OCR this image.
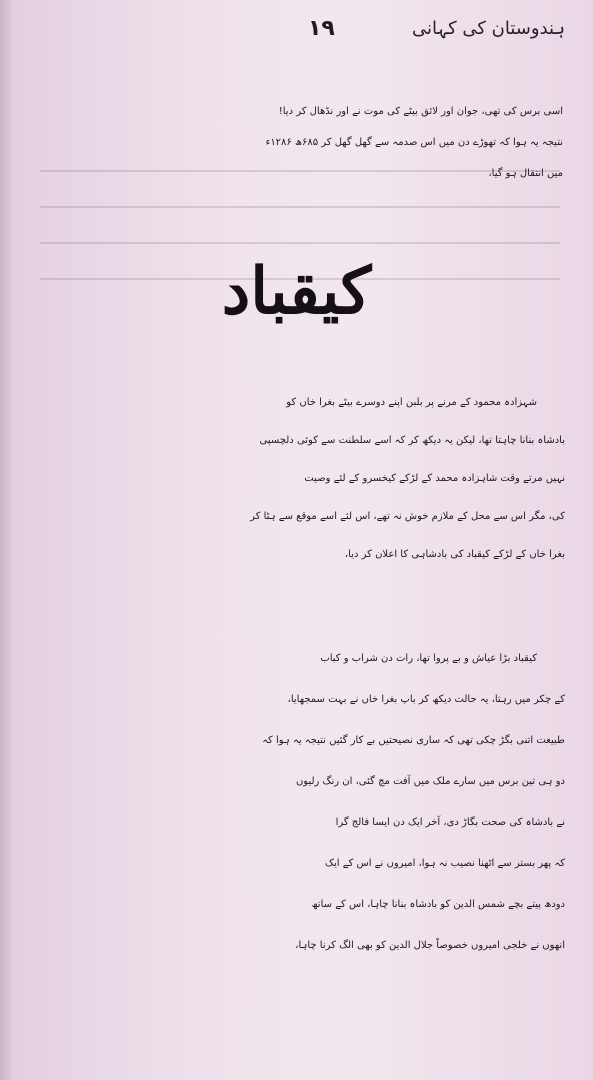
١٩	ہندوستان کی کہانی
اسی برس کی تھی، جوان اور لائق بیٹے کی موت نے اور نڈھال کر دیا!
نتیجہ یہ ہوا کہ تھوڑے دن میں اس صدمہ سے گھل گھل کر ۶۸۵ھ ۱۲۸۶ء
میں انتقال ہو گیا،
کیقباد
شہزادہ محمود کے مرنے پر بلبن اپنے دوسرے بیٹے بغرا خاں کو
بادشاہ بنانا چاہتا تھا، لیکن یہ دیکھ کر کہ اسے سلطنت سے کوئی دلچسپی
نہیں مرتے وقت شاہزادہ محمد کے لڑکے کیخسرو کے لئے وصیت
کی، مگر اس سے محل کے ملازم خوش نہ تھے، اس لئے اسے موقع سے ہٹا کر
بغرا خاں کے لڑکے کیقباد کی بادشاہی کا اعلان کر دیا،
کیقباد بڑا عیاش و بے پروا تھا، رات دن شراب و کباب
کے چکر میں رہتا، یہ حالت دیکھ کر باپ بغرا خاں نے بہت سمجھایا،
طبیعت اتنی بگڑ چکی تھی کہ ساری نصیحتیں بے کار گئیں نتیجہ یہ ہوا کہ
دو ہی تین برس میں سارے ملک میں آفت مچ گئی، ان رنگ رلیوں
نے بادشاہ کی صحت بگاڑ دی، آخر ایک دن ایسا فالج گرا
کہ پھر بستر سے اٹھنا نصیب نہ ہوا، امیروں نے اس کے ایک
دودھ پیتے بچے شمس الدین کو بادشاہ بنانا چاہا، اس کے ساتھ
انھوں نے خلجی امیروں خصوصاً جلال الدین کو بھی الگ کرنا چاہا،
